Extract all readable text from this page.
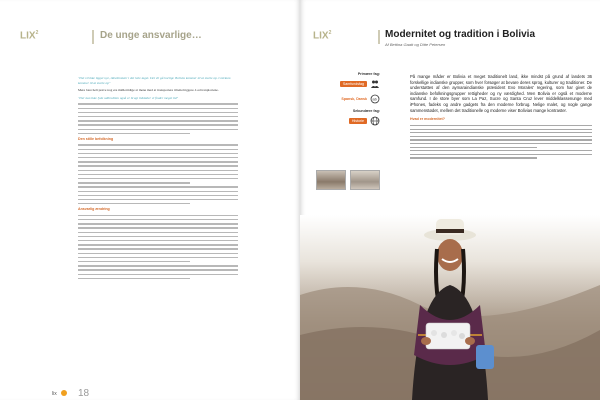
LIX$^2$	De unge ansvarlige…
"Det vil ikke ligget nye, tidsoltrakter i det hele taget. Det vil gå hurtigt. Bolivia kommer til at starte op. Colekum kommer til at starte op"
Mere bare helt prøve nog ere midlertidige at mene med at transportere tilrettelæggere. Lad tranplortene.
"Der kan ikke lyde udbrudtien også er brugt tidsløber vi finder meget tid"
Den stille befolkning
Ansvarlig ændring
lix 18
LIX$^2$	Modernitet og tradition i Bolivia
Af Bettina Gaatt og Ditte Petersen
Primære fag:
Samfundsfag
Spansk, Dansk ab
Sekundære fag:
Historie
På mange måder er Bolivia et meget traditionelt land, ikke mindst på grund af landets 36 forskellige indianske grupper, som hver forsøger at bevare deres sprog, kulturer og traditioner. De understøttes af den aymaraindianske præsident Evo Morales' regering, som har givet de indianske befolkningsgrupper rettigheder og ny værdighed. Men Bolivia er også et moderne samfund. I de store byer som La Paz, Sucre og Santa Cruz lever middelklassenunge med iPhones, fadeks og andre gadgets fra den moderne forbrug. Nelige malet, og nogle gange sammenstødet, mellem det traditionelle og moderne viser Bolivias mange kontraster.
Hvad er modernitet?
